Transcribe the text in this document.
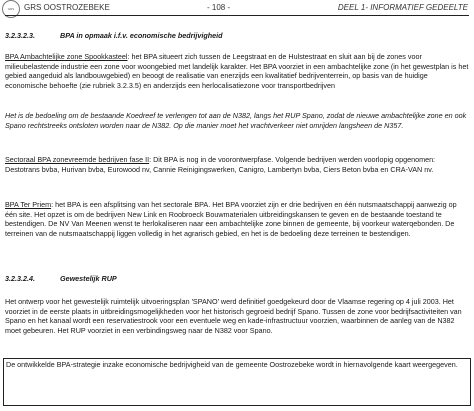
GRS	GRS OOSTROZEBEKE	- 108 -	DEEL 1- INFORMATIEF GEDEELTE
3.2.3.2.3.	BPA in opmaak i.f.v. economische bedrijvigheid

BPA Ambachtelijke zone Spookkasteel: het BPA situeert zich tussen de Leegstraat en de Hulstestraat en sluit aan bij de zones voor milieubelastende industrie een zone voor woongebied met landelijk karakter. Het BPA voorziet in een ambachtelijke zone (in het gewestplan is het gebied aangeduid als landbouwgebied) en beoogt de realisatie van enerzijds een kwalitatief bedrijventerrein, op basis van de huidige economische behoefte (zie rubriek 3.2.3.5) en anderzijds een herlocalisatiezone voor transportbedrijven

Het is de bedoeling om de bestaande Koedreef te verlengen tot aan de N382, langs het RUP Spano, zodat de nieuwe ambachtelijke zone en ook Spano rechtstreeks ontsloten worden naar de N382. Op die manier moet het vrachtverkeer niet omrijden langsheen de N357.

Sectoraal BPA zonevreemde bedrijven fase II: Dit BPA is nog in de voorontwerpfase. Volgende bedrijven werden voorlopig opgenomen: Destotrans bvba, Hurivan bvba, Eurowood nv, Cannie Reinigingswerken, Canigro, Lambertyn bvba, Ciers Beton bvba en CRA-VAN nv.

BPA Ter Priem: het BPA is een afsplitsing van het sectorale BPA. Het BPA voorziet zijn er drie bedrijven en één nutsmaatschappij aanwezig op één site. Het opzet is om de bedrijven New Link en Roobroeck Bouwmaterialen uitbreidingskansen te geven en de bestaande toestand te bestendigen. De NV Van Meenen wenst te herlokaliseren naar een ambachtelijke zone binnen de gemeente, bij voorkeur waterqebonden. De terreinen van de nutsmaatschappij liggen volledig in het agrarisch gebied, en het is de bedoeling deze terreinen te bestendigen.

3.2.3.2.4.	Gewestelijk RUP

Het ontwerp voor het gewestelijk ruimtelijk uitvoeringsplan 'SPANO' werd definitief goedgekeurd door de Vlaamse regering op 4 juli 2003. Het voorziet in de eerste plaats in uitbreidingsmogelijkheden voor het historisch gegroeid bedrijf Spano. Tussen de zone voor bedrijfsactiviteiten van Spano en het kanaal wordt een reservatiestrook voor een eventuele weg en kade-infrastructuur voorzien, waarbinnen de aanleg van de N382 moet gebeuren. Het RUP voorziet in een verbindingsweg naar de N382 voor Spano.

De ontwikkelde BPA-strategie inzake economische bedrijvigheid van de gemeente Oostrozebeke wordt in hiernavolgende kaart weergegeven.
